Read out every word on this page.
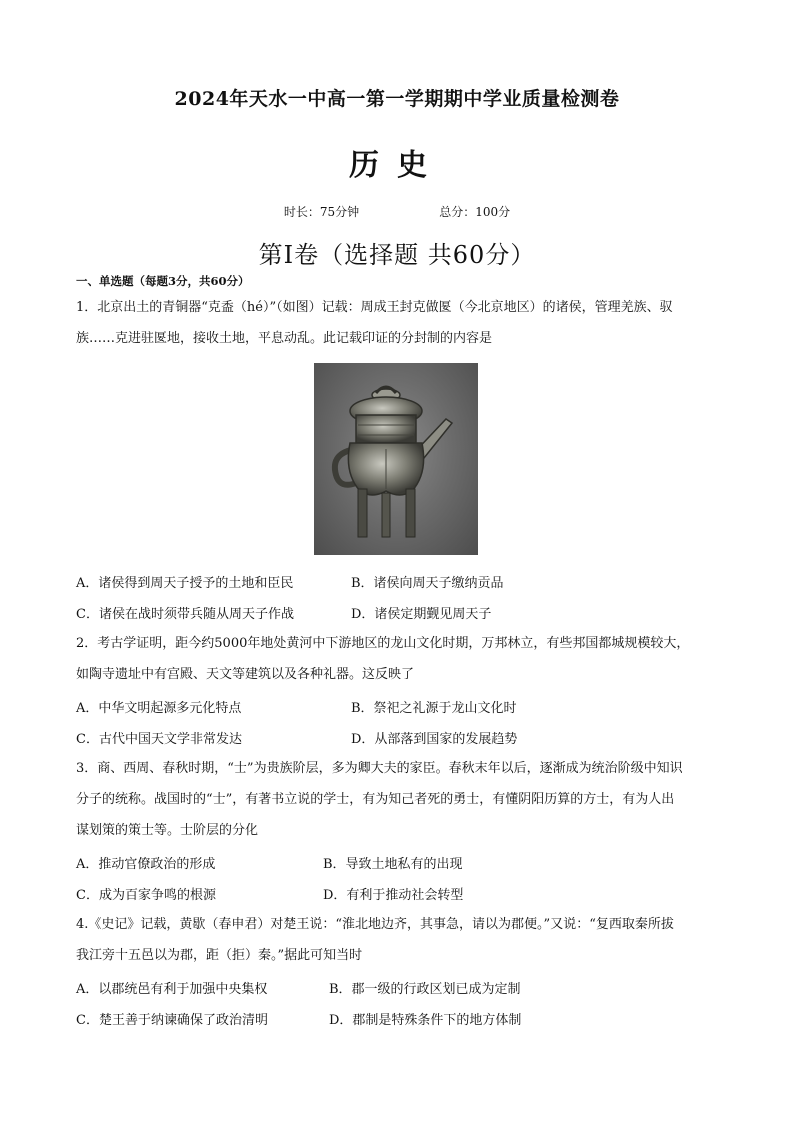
2024年天水一中高一第一学期期中学业质量检测卷
历史
时长：75分钟	总分：100分
第Ⅰ卷（选择题 共60分）
一、单选题（每题3分，共60分）

1．北京出土的青铜器“克盉（hé）”（如图）记载：周成王封克做匽（今北京地区）的诸侯，管理羌族、驭

族……克进驻匽地，接收土地，平息动乱。此记载印证的分封制的内容是

A．诸侯得到周天子授予的土地和臣民	B．诸侯向周天子缴纳贡品
C．诸侯在战时须带兵随从周天子作战	D．诸侯定期觐见周天子

2．考古学证明，距今约5000年地处黄河中下游地区的龙山文化时期，万邦林立，有些邦国都城规模较大，

如陶寺遗址中有宫殿、天文等建筑以及各种礼器。这反映了

A．中华文明起源多元化特点	B．祭祀之礼源于龙山文化时
C．古代中国天文学非常发达	D．从部落到国家的发展趋势

3．商、西周、春秋时期，“士”为贵族阶层，多为卿大夫的家臣。春秋末年以后，逐渐成为统治阶级中知识

分子的统称。战国时的“士”，有著书立说的学士，有为知己者死的勇士，有懂阴阳历算的方士，有为人出

谋划策的策士等。士阶层的分化

A．推动官僚政治的形成	B．导致土地私有的出现
C．成为百家争鸣的根源	D．有利于推动社会转型

4.《史记》记载，黄歇（春申君）对楚王说：“淮北地边齐，其事急，请以为郡便。”又说：“复西取秦所拔

我江旁十五邑以为郡，距（拒）秦。”据此可知当时

A．以郡统邑有利于加强中央集权	B．郡一级的行政区划已成为定制
C．楚王善于纳谏确保了政治清明	D．郡制是特殊条件下的地方体制
